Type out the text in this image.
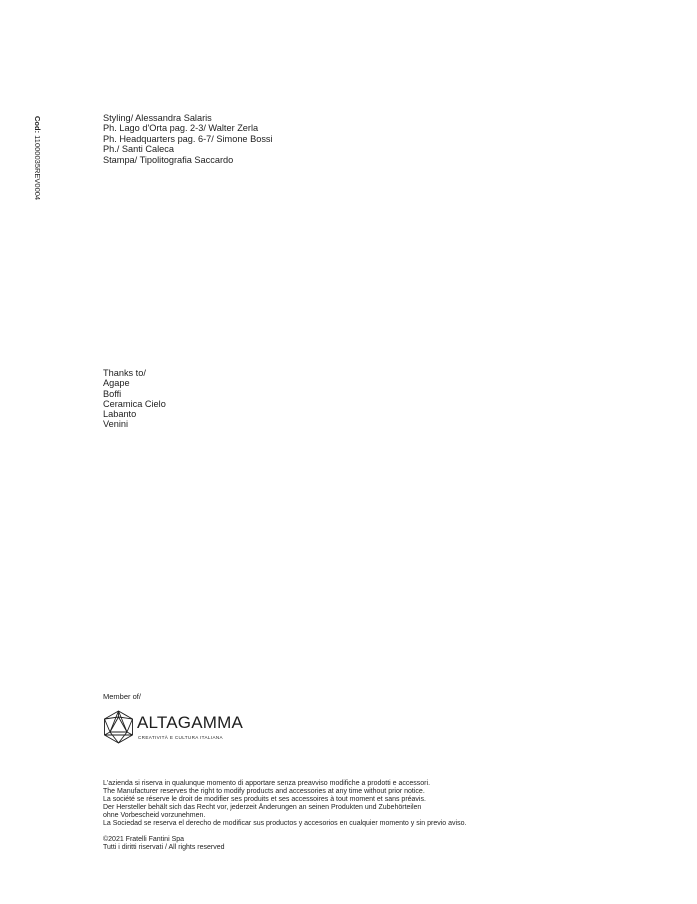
Cod: 11000035REV0004
Styling/ Alessandra Salaris
Ph. Lago d'Orta pag. 2-3/ Walter Zerla
Ph. Headquarters pag. 6-7/ Simone Bossi
Ph./ Santi Caleca
Stampa/ Tipolitografia Saccardo
Thanks to/
Agape
Boffi
Ceramica Cielo
Labanto
Venini
Member of/
ALTAGAMMA
CREATIVITÀ E CULTURA ITALIANA
L'azienda si riserva in qualunque momento di apportare senza preavviso modifiche a prodotti e accessori.
The Manufacturer reserves the right to modify products and accessories at any time without prior notice.
La société se réserve le droit de modifier ses produits et ses accessoires à tout moment et sans préavis.
Der Hersteller behält sich das Recht vor, jederzeit Änderungen an seinen Produkten und Zubehörteilen
ohne Vorbescheid vorzunehmen.
La Sociedad se reserva el derecho de modificar sus productos y accesorios en cualquier momento y sin previo aviso.
©2021 Fratelli Fantini Spa
Tutti i diritti riservati / All rights reserved
